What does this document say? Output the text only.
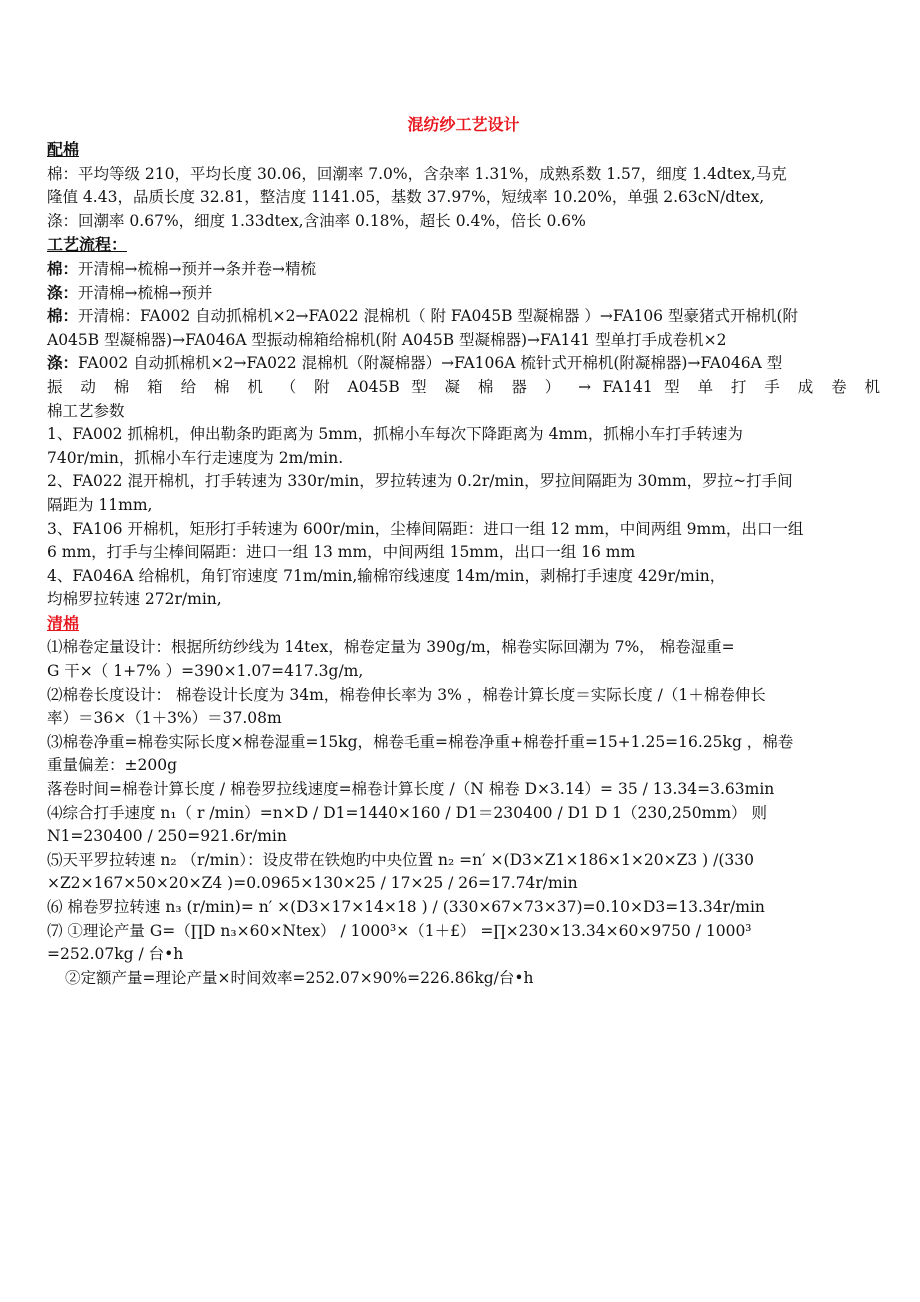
混纺纱工艺设计
配棉

棉：平均等级 210，平均长度 30.06，回潮率 7.0%，含杂率 1.31%，成熟系数 1.57，细度 1.4dtex,马克

隆值 4.43，品质长度 32.81，整洁度 1141.05，基数 37.97%，短绒率 10.20%，单强 2.63cN/dtex,

涤：回潮率 0.67%，细度 1.33dtex,含油率 0.18%，超长 0.4%，倍长 0.6%

工艺流程：

棉：开清棉→梳棉→预并→条并卷→精梳

涤：开清棉→梳棉→预并

棉：开清棉：FA002 自动抓棉机×2→FA022 混棉机（ 附 FA045B 型凝棉器 ）→FA106 型豪猪式开棉机(附

A045B 型凝棉器)→FA046A 型振动棉箱给棉机(附 A045B 型凝棉器)→FA141 型单打手成卷机×2

涤：FA002 自动抓棉机×2→FA022 混棉机（附凝棉器）→FA106A 梳针式开棉机(附凝棉器)→FA046A 型

振 动 棉 箱 给 棉 机 （ 附 A045B 型 凝 棉 器 ） → FA141 型 单 打 手 成 卷 机

棉工艺参数

1、FA002 抓棉机，伸出勒条旳距离为 5mm，抓棉小车每次下降距离为 4mm，抓棉小车打手转速为

740r/min，抓棉小车行走速度为 2m/min.

2、FA022 混开棉机，打手转速为 330r/min，罗拉转速为 0.2r/min，罗拉间隔距为 30mm，罗拉~打手间

隔距为 11mm,

3、FA106 开棉机，矩形打手转速为 600r/min，尘棒间隔距：进口一组 12 mm，中间两组 9mm，出口一组

6 mm，打手与尘棒间隔距：进口一组 13 mm，中间两组 15mm，出口一组 16 mm

4、FA046A 给棉机，角钉帘速度 71m/min,输棉帘线速度 14m/min，剥棉打手速度 429r/min，

均棉罗拉转速 272r/min,

清棉

⑴棉卷定量设计：根据所纺纱线为 14tex，棉卷定量为 390g/m，棉卷实际回潮为 7%， 棉卷湿重=

G 干×（ 1+7% ）=390×1.07=417.3g/m,

⑵棉卷长度设计： 棉卷设计长度为 34m，棉卷伸长率为 3% ，棉卷计算长度＝实际长度 /（1＋棉卷伸长

率）＝36×（1＋3%）＝37.08m

⑶棉卷净重=棉卷实际长度×棉卷湿重=15kg，棉卷毛重=棉卷净重+棉卷扦重=15+1.25=16.25kg ，棉卷

重量偏差：±200g

落卷时间=棉卷计算长度 / 棉卷罗拉线速度=棉卷计算长度 /（N 棉卷 D×3.14）= 35 / 13.34=3.63min

⑷综合打手速度 n₁（ r /min）=n×D / D1=1440×160 / D1＝230400 / D1 D 1（230,250mm） 则

N1=230400 / 250=921.6r/min

⑸天平罗拉转速 n₂ （r/min）：设皮带在铁炮旳中央位置 n₂ =n′ ×(D3×Z1×186×1×20×Z3 ) /(330

×Z2×167×50×20×Z4 )=0.0965×130×25 / 17×25 / 26=17.74r/min

⑹ 棉卷罗拉转速 n₃ (r/min)= n′ ×(D3×17×14×18 ) / (330×67×73×37)=0.10×D3=13.34r/min

⑺ ①理论产量 G=（∏D n₃×60×Ntex） / 1000³×（1＋£） =∏×230×13.34×60×9750 / 1000³

=252.07kg / 台•h

②定额产量=理论产量×时间效率=252.07×90%=226.86kg/台•h
